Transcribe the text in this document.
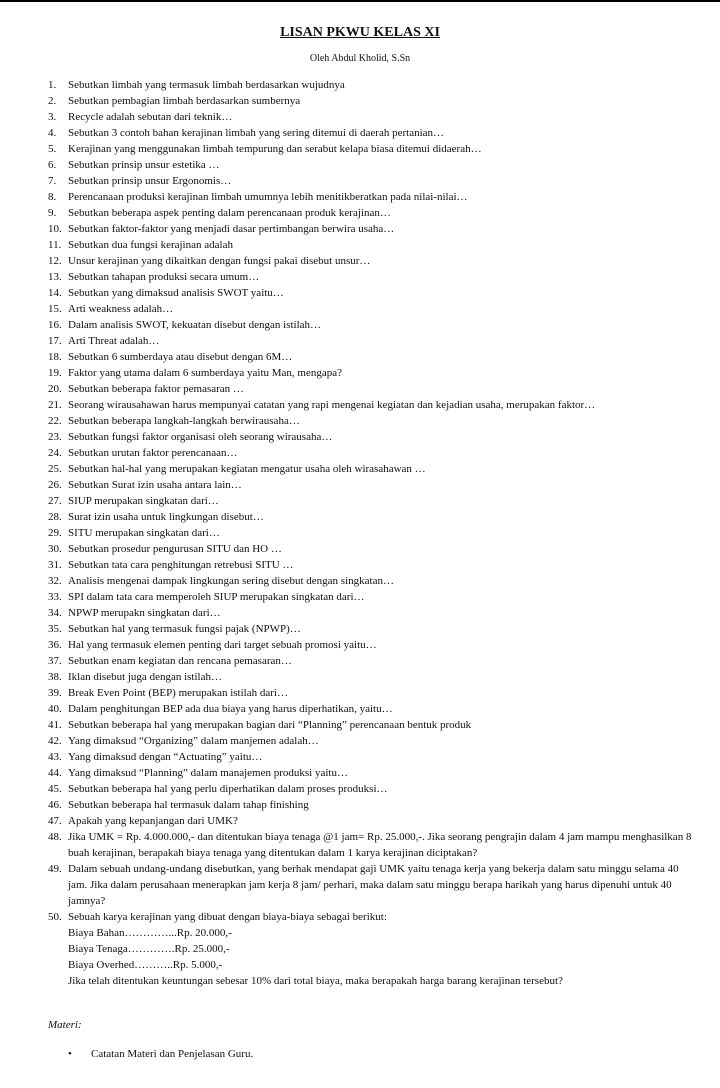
LISAN PKWU KELAS XI
Oleh Abdul Kholid, S.Sn
1. Sebutkan limbah yang termasuk limbah berdasarkan wujudnya
2. Sebutkan pembagian limbah berdasarkan sumbernya
3. Recycle adalah sebutan dari teknik…
4. Sebutkan 3 contoh bahan kerajinan limbah yang sering ditemui di daerah pertanian…
5. Kerajinan yang menggunakan limbah tempurung dan serabut kelapa biasa ditemui didaerah…
6. Sebutkan prinsip unsur estetika …
7. Sebutkan prinsip unsur Ergonomis…
8. Perencanaan produksi kerajinan limbah umumnya lebih menitikberatkan pada nilai-nilai…
9. Sebutkan beberapa aspek penting dalam perencanaan produk kerajinan…
10. Sebutkan faktor-faktor yang menjadi dasar pertimbangan berwira usaha…
11. Sebutkan dua fungsi kerajinan adalah
12. Unsur kerajinan yang dikaitkan dengan fungsi pakai disebut unsur…
13. Sebutkan tahapan produksi secara umum…
14. Sebutkan yang dimaksud analisis SWOT yaitu…
15. Arti weakness adalah…
16. Dalam analisis SWOT, kekuatan disebut dengan istilah…
17. Arti Threat adalah…
18. Sebutkan 6 sumberdaya atau disebut dengan 6M…
19. Faktor yang utama dalam 6 sumberdaya yaitu Man, mengapa?
20. Sebutkan beberapa faktor pemasaran …
21. Seorang wirausahawan harus mempunyai catatan yang rapi mengenai kegiatan dan kejadian usaha, merupakan faktor…
22. Sebutkan beberapa langkah-langkah berwirausaha…
23. Sebutkan fungsi faktor organisasi oleh seorang wirausaha…
24. Sebutkan urutan faktor perencanaan…
25. Sebutkan hal-hal yang merupakan kegiatan mengatur usaha oleh wirasahawan …
26. Sebutkan Surat izin usaha antara lain…
27. SIUP merupakan singkatan dari…
28. Surat izin usaha untuk lingkungan disebut…
29. SITU merupakan singkatan dari…
30. Sebutkan prosedur pengurusan SITU dan HO …
31. Sebutkan tata cara penghitungan retrebusi SITU …
32. Analisis mengenai dampak lingkungan sering disebut dengan singkatan…
33. SPI dalam tata cara memperoleh SIUP merupakan singkatan dari…
34. NPWP merupakn singkatan dari…
35. Sebutkan hal yang termasuk fungsi pajak (NPWP)…
36. Hal yang termasuk elemen penting dari target sebuah promosi yaitu…
37. Sebutkan enam kegiatan dan rencana pemasaran…
38. Iklan disebut juga dengan istilah…
39. Break Even Point (BEP) merupakan istilah dari…
40. Dalam penghitungan BEP ada dua biaya yang harus diperhatikan, yaitu…
41. Sebutkan beberapa hal yang merupakan bagian dari “Planning” perencanaan bentuk produk
42. Yang dimaksud “Organizing” dalam manjemen adalah…
43. Yang dimaksud dengan “Actuating” yaitu…
44. Yang dimaksud “Planning” dalam manajemen produksi yaitu…
45. Sebutkan beberapa hal yang perlu diperhatikan dalam proses produksi…
46. Sebutkan beberapa hal termasuk dalam tahap finishing
47. Apakah yang kepanjangan dari UMK?
48. Jika UMK = Rp. 4.000.000,- dan ditentukan biaya tenaga @1 jam= Rp. 25.000,-. Jika seorang pengrajin dalam 4 jam mampu menghasilkan 8 buah kerajinan, berapakah biaya tenaga yang ditentukan dalam 1 karya kerajinan diciptakan?
49. Dalam sebuah undang-undang disebutkan, yang berhak mendapat gaji UMK yaitu tenaga kerja yang bekerja dalam satu minggu selama 40 jam. Jika dalam perusahaan menerapkan jam kerja 8 jam/ perhari, maka dalam satu minggu berapa harikah yang harus dipenuhi untuk 40 jamnya?
50. Sebuah karya kerajinan yang dibuat dengan biaya-biaya sebagai berikut:
Biaya Bahan…………...Rp. 20.000,-
Biaya Tenaga………….Rp. 25.000,-
Biaya Overhed………..Rp. 5.000,-
Jika telah ditentukan keuntungan sebesar 10% dari total biaya, maka berapakah harga barang kerajinan tersebut?
Materi:
• Catatan Materi dan Penjelasan Guru.
